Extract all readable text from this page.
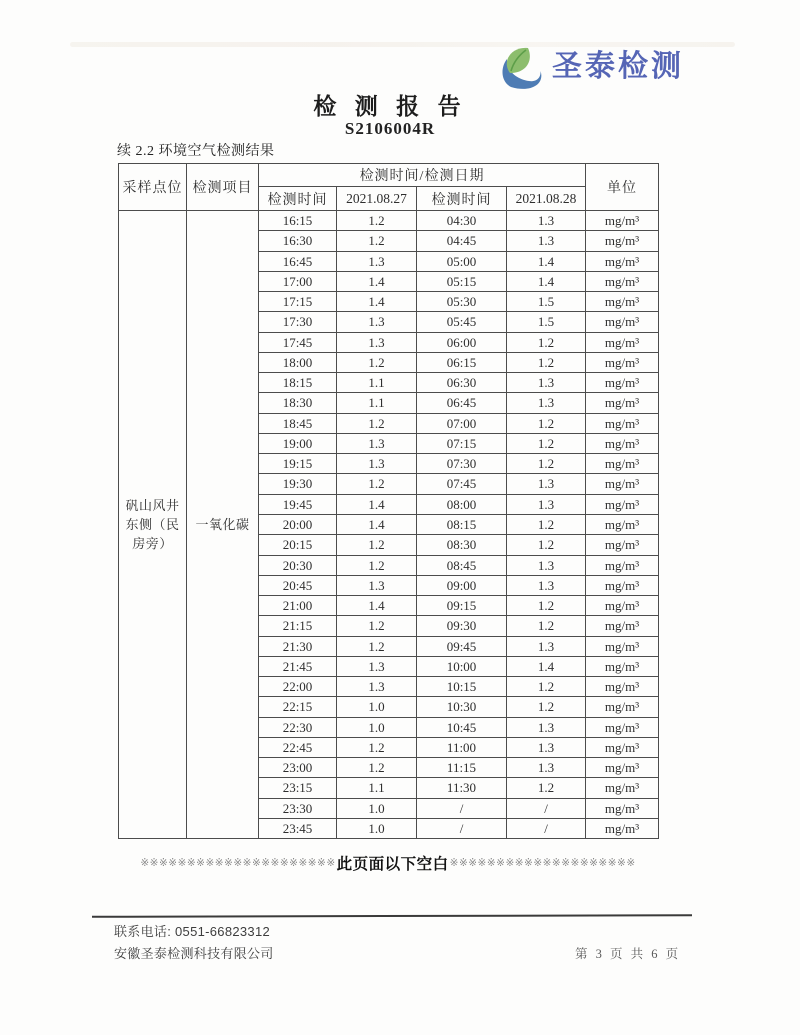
圣泰检测
检 测 报 告
S2106004R
续 2.2 环境空气检测结果
采样点位	检测项目	检测时间/检测日期				单位
		检测时间	2021.08.27	检测时间	2021.08.28	
矾山风井东侧（民房旁）	一氧化碳	16:15	1.2	04:30	1.3	mg/m³
		16:30	1.2	04:45	1.3	mg/m³
		16:45	1.3	05:00	1.4	mg/m³
		17:00	1.4	05:15	1.4	mg/m³
		17:15	1.4	05:30	1.5	mg/m³
		17:30	1.3	05:45	1.5	mg/m³
		17:45	1.3	06:00	1.2	mg/m³
		18:00	1.2	06:15	1.2	mg/m³
		18:15	1.1	06:30	1.3	mg/m³
		18:30	1.1	06:45	1.3	mg/m³
		18:45	1.2	07:00	1.2	mg/m³
		19:00	1.3	07:15	1.2	mg/m³
		19:15	1.3	07:30	1.2	mg/m³
		19:30	1.2	07:45	1.3	mg/m³
		19:45	1.4	08:00	1.3	mg/m³
		20:00	1.4	08:15	1.2	mg/m³
		20:15	1.2	08:30	1.2	mg/m³
		20:30	1.2	08:45	1.3	mg/m³
		20:45	1.3	09:00	1.3	mg/m³
		21:00	1.4	09:15	1.2	mg/m³
		21:15	1.2	09:30	1.2	mg/m³
		21:30	1.2	09:45	1.3	mg/m³
		21:45	1.3	10:00	1.4	mg/m³
		22:00	1.3	10:15	1.2	mg/m³
		22:15	1.0	10:30	1.2	mg/m³
		22:30	1.0	10:45	1.3	mg/m³
		22:45	1.2	11:00	1.3	mg/m³
		23:00	1.2	11:15	1.3	mg/m³
		23:15	1.1	11:30	1.2	mg/m³
		23:30	1.0	/	/	mg/m³
		23:45	1.0	/	/	mg/m³
※※※※※※※※※※※※※※※※※※※※※ 此页面以下空白 ※※※※※※※※※※※※※※※※※※※※
联系电话: 0551-66823312
安徽圣泰检测科技有限公司	第 3 页 共 6 页
